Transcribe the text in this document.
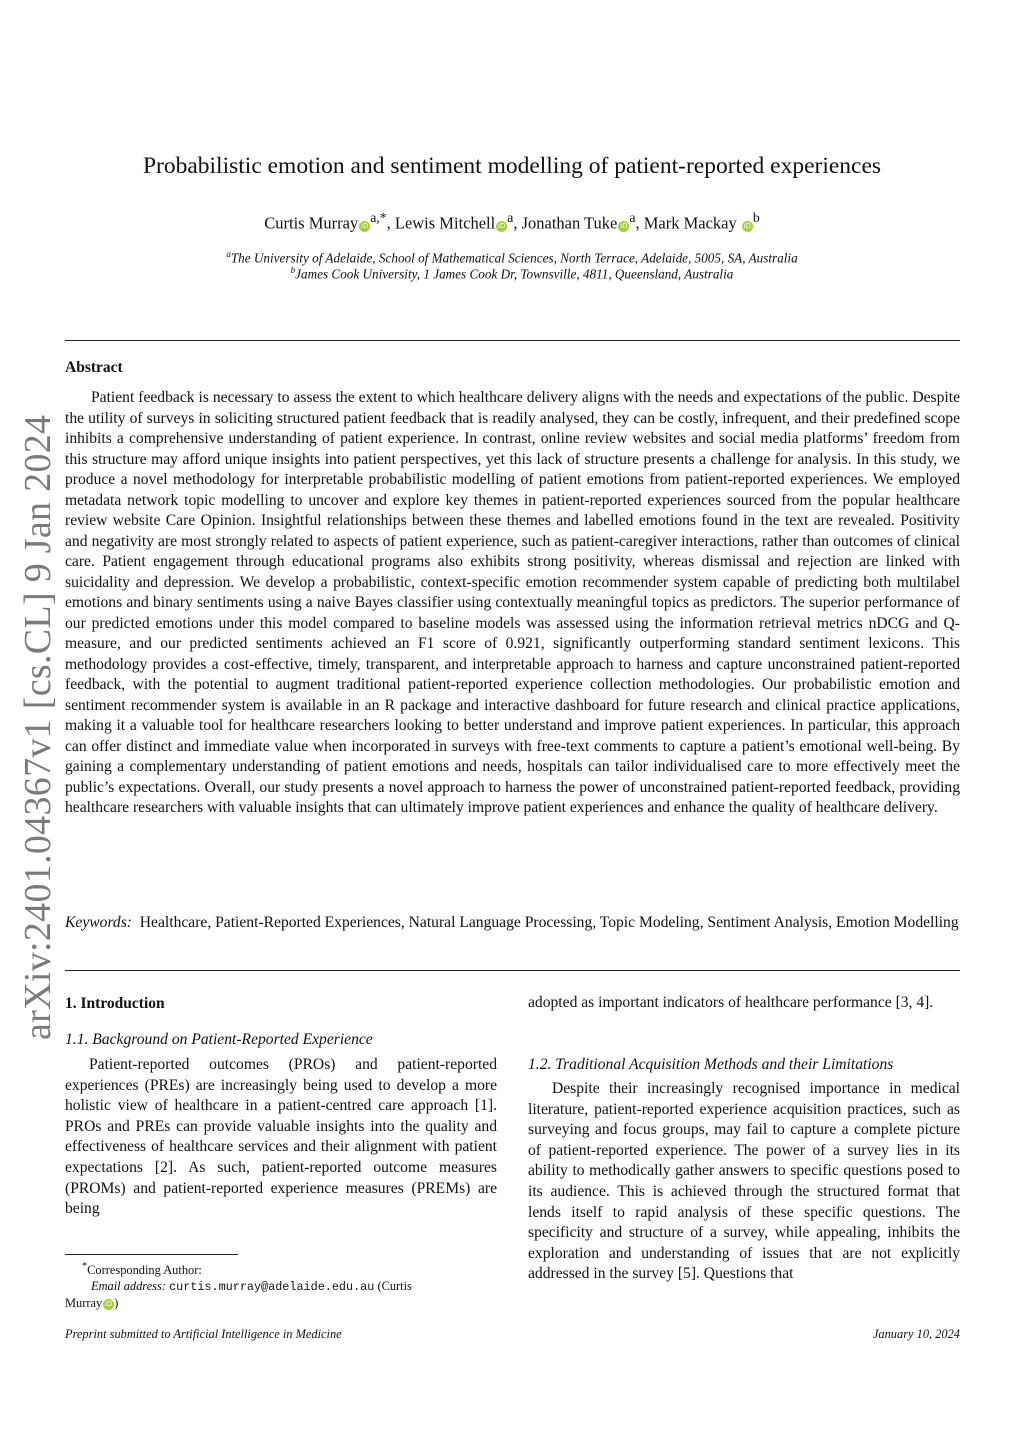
arXiv:2401.04367v1 [cs.CL] 9 Jan 2024
Probabilistic emotion and sentiment modelling of patient-reported experiences
Curtis Murray $iD^{a,*}$, Lewis Mitchell $iD^a$, Jonathan Tuke $iD^a$, Mark Mackay $iD^b$
$^a$The University of Adelaide, School of Mathematical Sciences, North Terrace, Adelaide, 5005, SA, Australia
$^b$James Cook University, 1 James Cook Dr, Townsville, 4811, Queensland, Australia
Abstract
Patient feedback is necessary to assess the extent to which healthcare delivery aligns with the needs and expectations of the public. Despite the utility of surveys in soliciting structured patient feedback that is readily analysed, they can be costly, infrequent, and their predefined scope inhibits a comprehensive understanding of patient experience. In contrast, online review websites and social media platforms’ freedom from this structure may afford unique insights into patient perspectives, yet this lack of structure presents a challenge for analysis. In this study, we produce a novel methodology for interpretable probabilistic modelling of patient emotions from patient-reported experiences. We employed metadata network topic modelling to uncover and explore key themes in patient-reported experiences sourced from the popular healthcare review website Care Opinion. Insightful relationships between these themes and labelled emotions found in the text are revealed. Positivity and negativity are most strongly related to aspects of patient experience, such as patient-caregiver interactions, rather than outcomes of clinical care. Patient engagement through educational programs also exhibits strong positivity, whereas dismissal and rejection are linked with suicidality and depression. We develop a probabilistic, context-specific emotion recommender system capable of predicting both multilabel emotions and binary sentiments using a naive Bayes classifier using contextually meaningful topics as predictors. The superior performance of our predicted emotions under this model compared to baseline models was assessed using the information retrieval metrics nDCG and Q-measure, and our predicted sentiments achieved an F1 score of 0.921, significantly outperforming standard sentiment lexicons. This methodology provides a cost-effective, timely, transparent, and interpretable approach to harness and capture unconstrained patient-reported feedback, with the potential to augment traditional patient-reported experience collection methodologies. Our probabilistic emotion and sentiment recommender system is available in an R package and interactive dashboard for future research and clinical practice applications, making it a valuable tool for healthcare researchers looking to better understand and improve patient experiences. In particular, this approach can offer distinct and immediate value when incorporated in surveys with free-text comments to capture a patient’s emotional well-being. By gaining a complementary understanding of patient emotions and needs, hospitals can tailor individualised care to more effectively meet the public’s expectations. Overall, our study presents a novel approach to harness the power of unconstrained patient-reported feedback, providing healthcare researchers with valuable insights that can ultimately improve patient experiences and enhance the quality of healthcare delivery.
Keywords: Healthcare, Patient-Reported Experiences, Natural Language Processing, Topic Modeling, Sentiment Analysis, Emotion Modelling
1. Introduction
1.1. Background on Patient-Reported Experience
Patient-reported outcomes (PROs) and patient-reported experiences (PREs) are increasingly being used to develop a more holistic view of healthcare in a patient-centred care approach [1]. PROs and PREs can provide valuable insights into the quality and effectiveness of healthcare services and their alignment with patient expectations [2]. As such, patient-reported outcome measures (PROMs) and patient-reported experience measures (PREMs) are being
*Corresponding Author:
Email address: curtis.murray@adelaide.edu.au (Curtis
Murray iD )
adopted as important indicators of healthcare performance [3, 4].
1.2. Traditional Acquisition Methods and their Limitations
Despite their increasingly recognised importance in medical literature, patient-reported experience acquisition practices, such as surveying and focus groups, may fail to capture a complete picture of patient-reported experience. The power of a survey lies in its ability to methodically gather answers to specific questions posed to its audience. This is achieved through the structured format that lends itself to rapid analysis of these specific questions. The specificity and structure of a survey, while appealing, inhibits the exploration and understanding of issues that are not explicitly addressed in the survey [5]. Questions that
Preprint submitted to Artificial Intelligence in Medicine	January 10, 2024
